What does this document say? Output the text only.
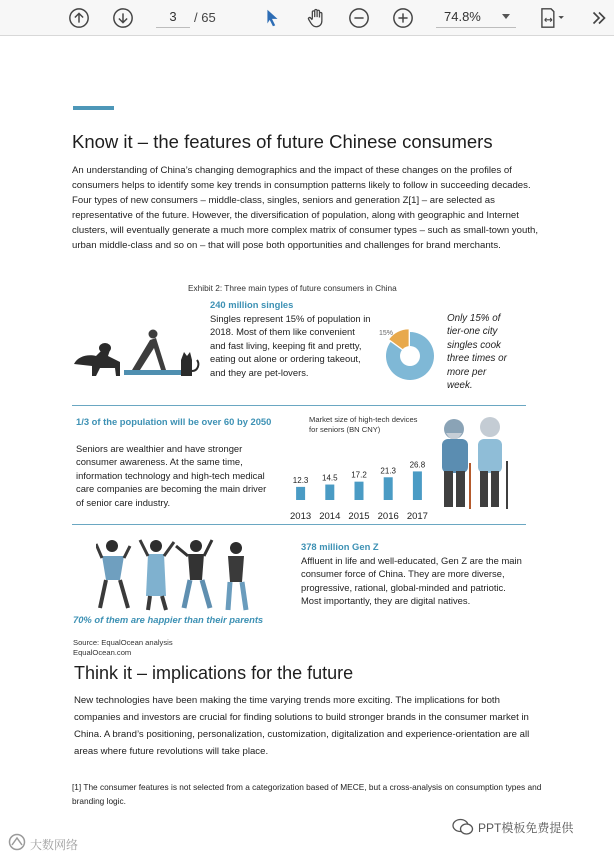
3
/ 65	74.8%
Know it – the features of future Chinese consumers
An understanding of China’s changing demographics and the impact of these changes on the profiles of consumers helps to identify some key trends in consumption patterns likely to follow in succeeding decades. Four types of new consumers – middle-class, singles, seniors and generation Z[1] – are selected as representative of the future. However, the diversification of population, along with geographic and Internet clusters, will eventually generate a much more complex matrix of consumer types – such as small-town youth, urban middle-class and so on – that will pose both opportunities and challenges for brand merchants.
Exhibit 2: Three main types of future consumers in China
240 million singles
Singles represent 15% of population in 2018. Most of them like convenient and fast living, keeping fit and pretty, eating out alone or ordering takeout, and they are pet-lovers.
15%
Only 15% of tier-one city singles cook three times or more per week.
1/3 of the population will be over 60 by 2050
Seniors are wealthier and have stronger consumer awareness. At the same time, information technology and high-tech medical care companies are becoming the main driver of senior care industry.
Market size of high-tech devices for seniors (BN CNY)
12.3
2013
14.5
2014
17.2
2015
21.3
2016
26.8
2017
70% of them are happier than their parents
378 million Gen Z
Affluent in life and well-educated, Gen Z are the main consumer force of China. They are more diverse, progressive, rational, global-minded and patriotic. Most importantly, they are digital natives.
Source: EqualOcean analysis
EqualOcean.com
Think it – implications for the future
New technologies have been making the time varying trends more exciting. The implications for both companies and investors are crucial for finding solutions to build stronger brands in the consumer market in China. A brand’s positioning, personalization, customization, digitalization and experience-orientation are all areas where future revolutions will take place.
[1] The consumer features is not selected from a categorization based of MECE, but a cross-analysis on consumption types and branding logic.
大数网络
PPT模板免费提供
